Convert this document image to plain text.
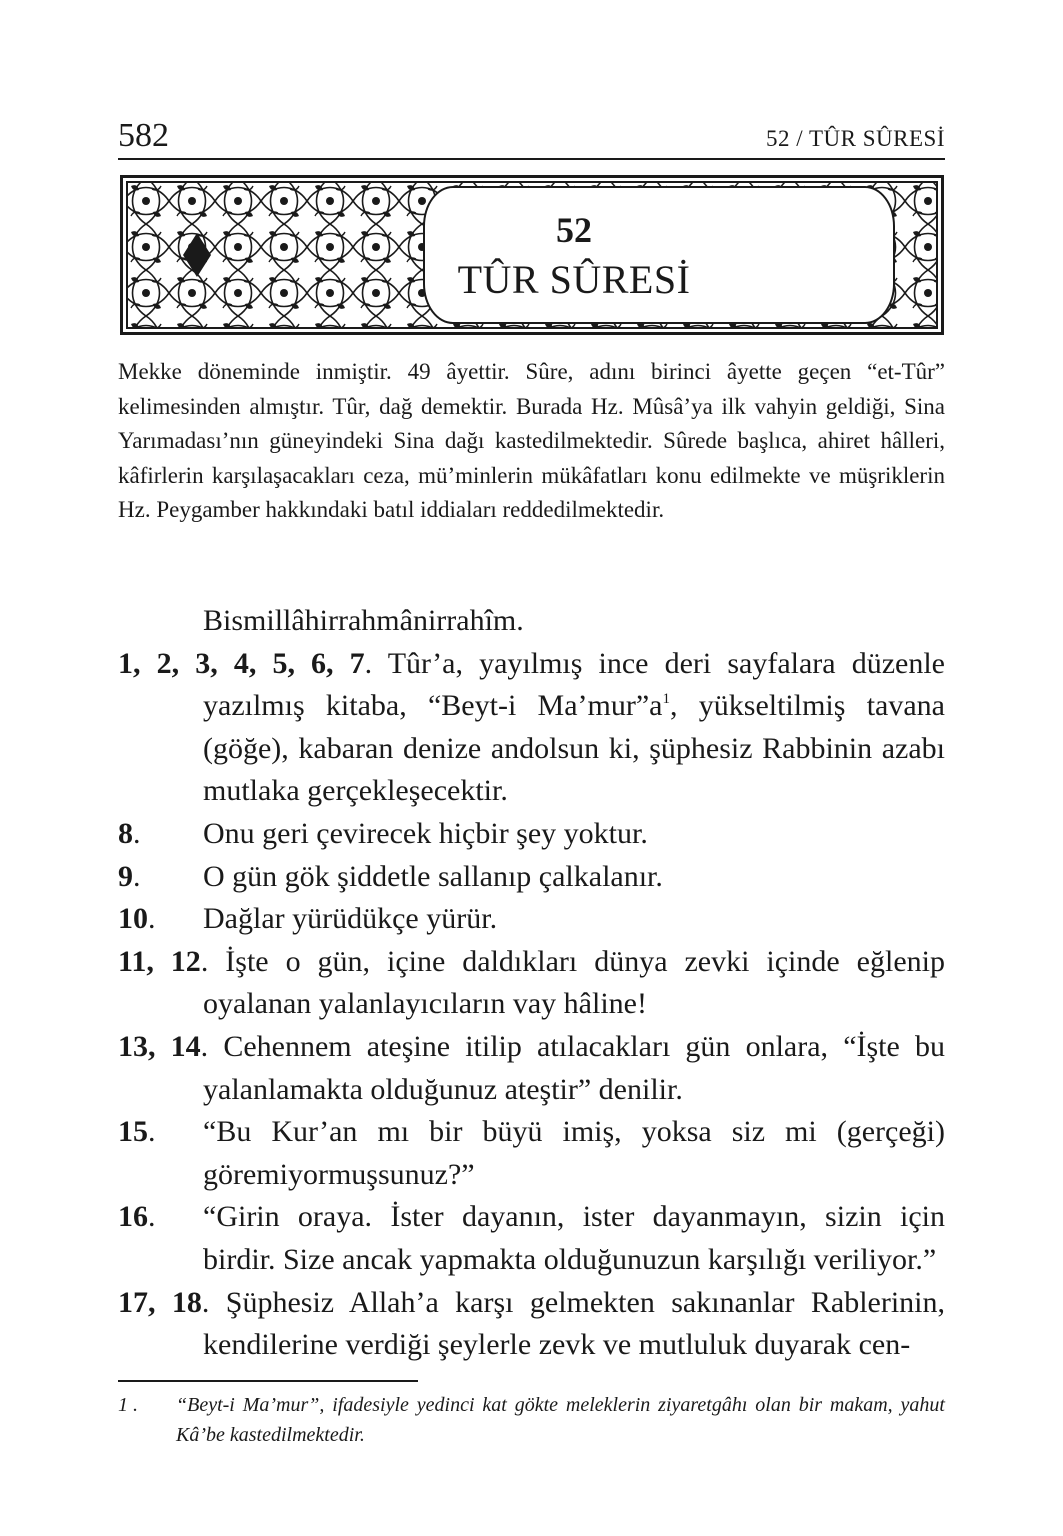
582	52 / TÛR SÛRESİ
52
TÛR SÛRESİ

Mekke döneminde inmiştir. 49 âyettir. Sûre, adını birinci âyette geçen “et-Tûr” kelimesinden almıştır. Tûr, dağ demektir. Burada Hz. Mûsâ’ya ilk vahyin geldiği, Sina Yarımadası’nın güneyindeki Sina dağı kastedilmektedir. Sûrede başlıca, ahiret hâlleri, kâfirlerin karşılaşacakları ceza, mü’minlerin mükâfatları konu edilmekte ve müşriklerin Hz. Peygamber hakkındaki batıl iddiaları reddedilmektedir.

Bismillâhirrahmânirrahîm.

1, 2, 3, 4, 5, 6, 7. Tûr’a, yayılmış ince deri sayfalara düzenle yazılmış kitaba, “Beyt-i Ma’mur”a$^1$, yükseltilmiş tavana (göğe), kabaran denize andolsun ki, şüphesiz Rabbinin azabı mutlaka gerçekleşecektir.

8. Onu geri çevirecek hiçbir şey yoktur.

9. O gün gök şiddetle sallanıp çalkalanır.

10. Dağlar yürüdükçe yürür.

11, 12. İşte o gün, içine daldıkları dünya zevki içinde eğlenip oyalanan yalanlayıcıların vay hâline!

13, 14. Cehennem ateşine itilip atılacakları gün onlara, “İşte bu yalanlamakta olduğunuz ateştir” denilir.

15. “Bu Kur’an mı bir büyü imiş, yoksa siz mi (gerçeği) göremiyormuşsunuz?”

16. “Girin oraya. İster dayanın, ister dayanmayın, sizin için birdir. Size ancak yapmakta olduğunuzun karşılığı veriliyor.”

17, 18. Şüphesiz Allah’a karşı gelmekten sakınanlar Rablerinin, kendilerine verdiği şeylerle zevk ve mutluluk duyarak cen-

1 .	“Beyt-i Ma’mur”, ifadesiyle yedinci kat gökte meleklerin ziyaretgâhı olan bir makam, yahut Kâ’be kastedilmektedir.
